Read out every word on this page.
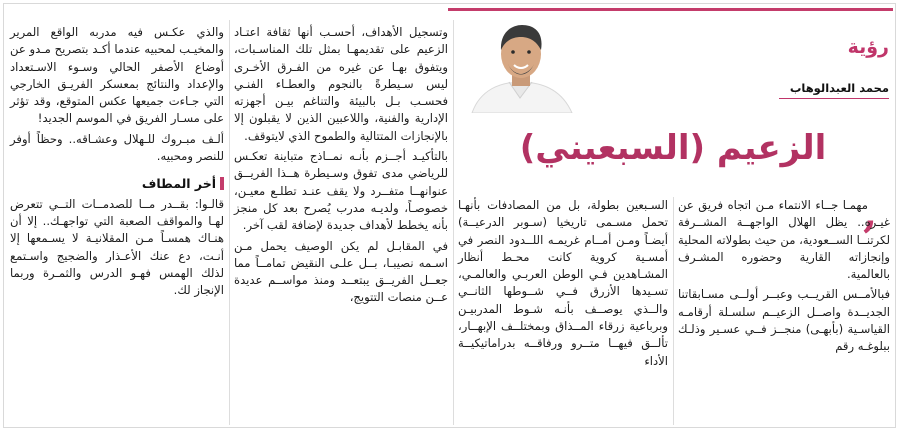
رؤية
محمد العبدالوهاب
الزعيم (السبعيني)
,

مهمـا جــاء الانتماء مـن اتجاه فريق عن غيـره.. يظل الهلال الواجهــة المشــرفة لكرتنــا الســعودية، من حيث بطولاته المحلية وإنجازاته القارية وحضوره المشـرف بالعالمية.

فبالأمــس القريــب وعبــر أولــى مسـابقاتنا الجديــدة واصــل الزعيــم سلسـلة أرقامـه القياسـية (بأبهـى) منجــز فــي عسـير وذلـك ببلوغـه رقم

السـبعين بطولة، بل من المصادفات بأنهـا تحمل مسـمى تاريخيا (سـوبر الدرعيــة) أيضـاً ومـن أمــام غريمـه اللــدود النصر في أمسـية كروية كانت محـط أنظار المشـاهدين فـي الوطن العربـي والعالمـي، تسـيدها الأزرق فــي شــوطها الثانــي والــذي يوصــف بأنـه شـوط المدربيـن وبرباعية زرقاء المــذاق وبمختلــف الإبهــار، تألــق فيهــا متــرو ورفاقــه بدراماتيكيــة الأداء

وتسجيل الأهداف، أحسـب أنها ثقافة اعتـاد الزعيم على تقديمهـا بمثل تلك المناسـبات، ويتفوق بهـا عن غيره من الفـرق الأخـرى ليس سـيطرةً بالنجوم والعطـاء الفنـي فحسـب بـل بالبيئة والتناغم بيـن أجهزته الإدارية والفنية، واللاعبين الذين لا يقبلون إلا بالإنجازات المتتالية والطموح الذي لايتوقف.

بالتأكيـد أجــزم بأنـه نمــاذج متباينة تعكـس للرياضي مدى تفوق وسـيطرة هــذا الفريــق عنوانهــا متفــرد ولا يقف عنـد تطلـع معيـن، خصوصـاً، ولديـه مدرب يُصرح بعد كل منجز بأنه يخطط لأهداف جديدة لإضافة لقب آخر.

في المقابـل لم يكن الوصيف يحمل مـن اسـمه نصيبـا، بــل علـى النقيض تمامــاً مما جعــل الفريــق يبتعــد ومنذ مواســم عديدة عــن منصات التتويج،

والذي عكـس فيه مدربه الواقع المرير والمخيـب لمحبيه عندما أكـد بتصريح مـدو عن أوضاع الأصفر الحالي وسـوء الاسـتعداد والإعداد والنتائج بمعسكر الفريـق الخارجي التي جـاءت جميعها عكس المتوقع، وقد تؤثر على مسـار الفريق في الموسم الجديد!

ألـف مبـروك للـهلال وعشـاقه.. وحظاً أوفر للنصر ومحبيه.

أخر المطاف

قالـوا: بقــدر مــا للصدمــات التــي تتعرض لهـا والمواقف الصعبة التي تواجهـك.. إلا أن هنـاك همسـاً مـن المقلانيـة لا يسـمعها إلا أنـت، دع عنك الأعـذار والضجيج واسـتمع لذلك الهمس فهـو الدرس والثمـرة وربما الإنجاز لك.
